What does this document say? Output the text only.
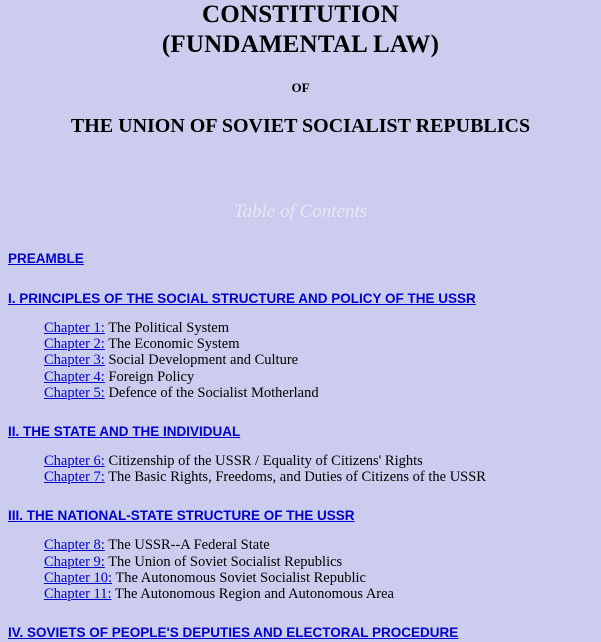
CONSTITUTION
(FUNDAMENTAL LAW)
OF
THE UNION OF SOVIET SOCIALIST REPUBLICS
Table of Contents
PREAMBLE
I. PRINCIPLES OF THE SOCIAL STRUCTURE AND POLICY OF THE USSR
Chapter 1: The Political System
Chapter 2: The Economic System
Chapter 3: Social Development and Culture
Chapter 4: Foreign Policy
Chapter 5: Defence of the Socialist Motherland
II. THE STATE AND THE INDIVIDUAL
Chapter 6: Citizenship of the USSR / Equality of Citizens' Rights
Chapter 7: The Basic Rights, Freedoms, and Duties of Citizens of the USSR
III. THE NATIONAL-STATE STRUCTURE OF THE USSR
Chapter 8: The USSR--A Federal State
Chapter 9: The Union of Soviet Socialist Republics
Chapter 10: The Autonomous Soviet Socialist Republic
Chapter 11: The Autonomous Region and Autonomous Area
IV. SOVIETS OF PEOPLE'S DEPUTIES AND ELECTORAL PROCEDURE
